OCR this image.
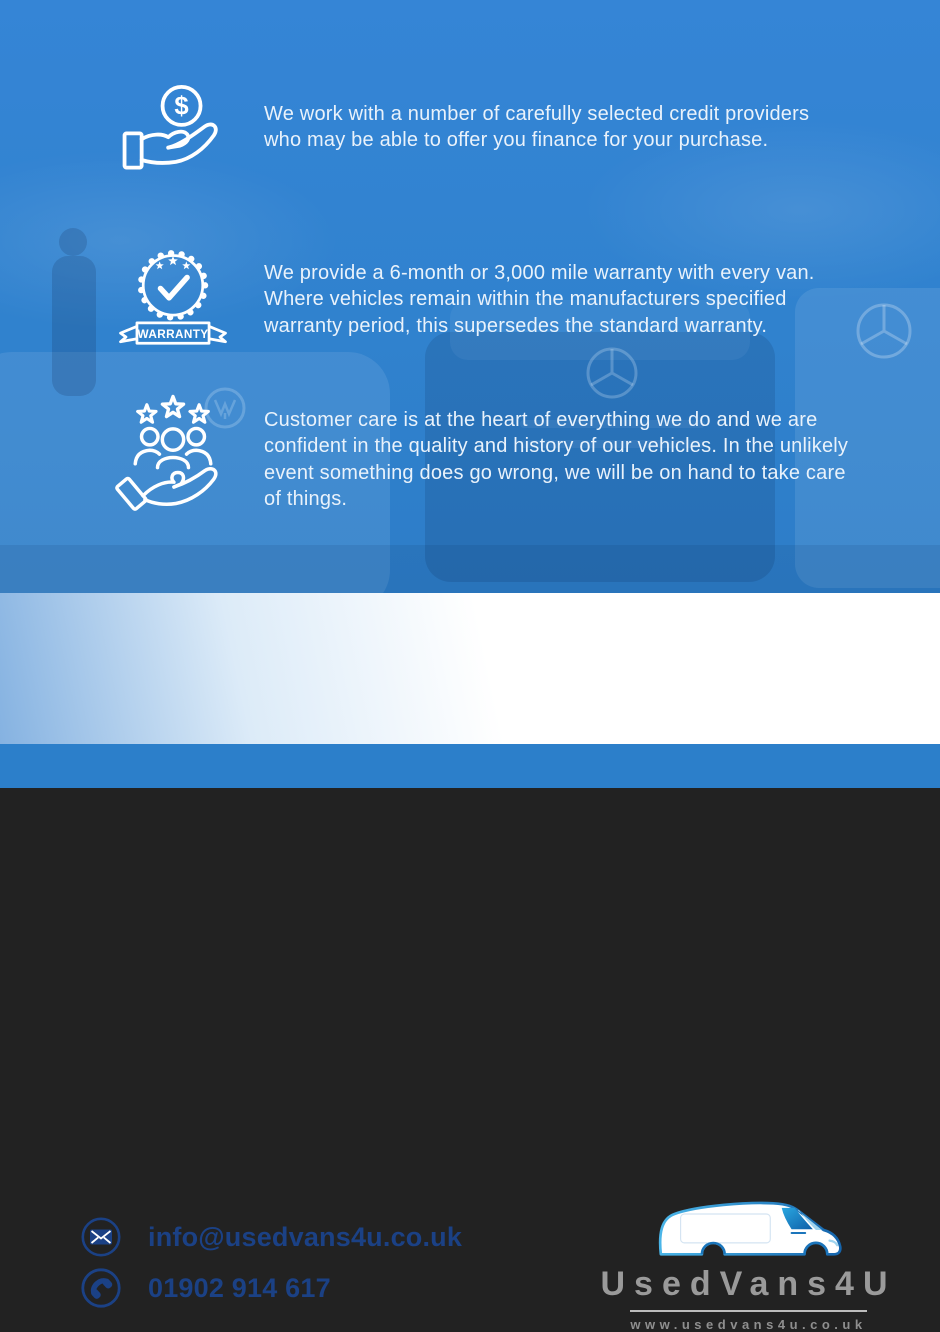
$	We work with a number of carefully selected credit providers who may be able to offer you finance for your purchase.

WARRANTY

We provide a 6-month or 3,000 mile warranty with every van. Where vehicles remain within the manufacturers specified warranty period, this supersedes the standard warranty.

Customer care is at the heart of everything we do and we are confident in the quality and history of our vehicles. In the unlikely event something does go wrong, we will be on hand to take care of things.

info@usedvans4u.co.uk
01902 914 617	UsedVans4U
www.usedvans4u.co.uk
